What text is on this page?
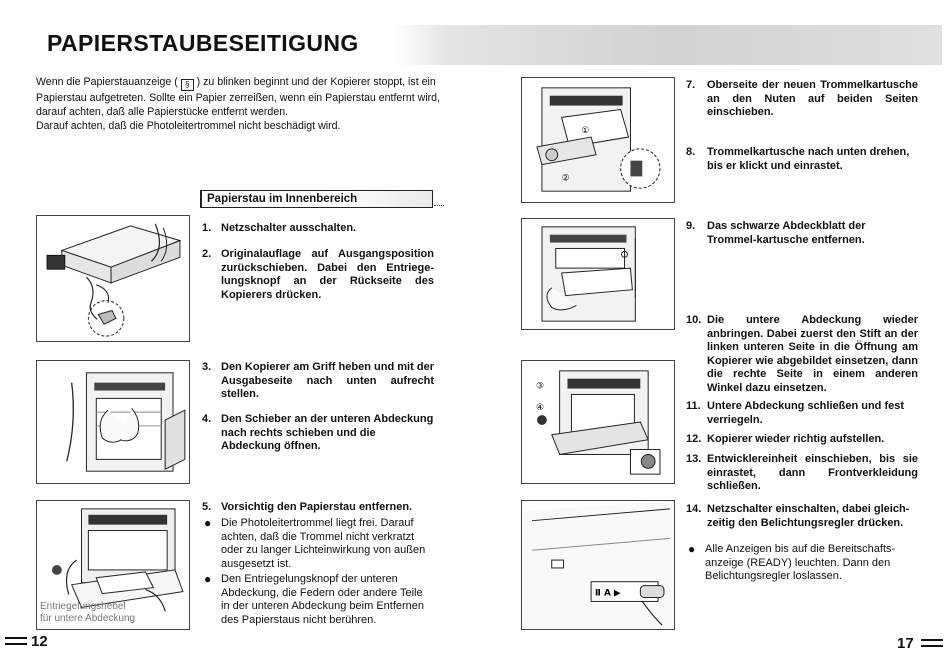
PAPIERSTAUBESEITIGUNG
Wenn die Papierstauanzeige ( § ) zu blinken beginnt und der Kopierer stoppt, ist ein Papierstau aufgetreten. Sollte ein Papier zerreißen, wenn ein Papierstau entfernt wird, darauf achten, daß alle Papierstücke entfernt werden.
Darauf achten, daß die Photoleitertrommel nicht beschädigt wird.
Papierstau im Innenbereich
Entriegelungshebel
für untere Abdeckung
1. Netzschalter ausschalten.
2. Originalauflage auf Ausgangsposition zurückschieben. Dabei den Entriege-lungsknopf an der Rückseite des Kopierers drücken.
3. Den Kopierer am Griff heben und mit der Ausgabeseite nach unten aufrecht stellen.
4. Den Schieber an der unteren Abdeckung nach rechts schieben und die Abdeckung öffnen.
5. Vorsichtig den Papierstau entfernen.
● Die Photoleitertrommel liegt frei. Darauf achten, daß die Trommel nicht verkratzt oder zu langer Lichteinwirkung von außen ausgesetzt ist.
● Den Entriegelungsknopf der unteren Abdeckung, die Federn oder andere Teile in der unteren Abdeckung beim Entfernen des Papierstaus nicht berühren.
①
②
③
④
Ⅱ A ▶
7.	Oberseite der neuen Trommelkartusche an den Nuten auf beiden Seiten einschieben.
8.	Trommelkartusche nach unten drehen, bis er klickt und einrastet.
9.	Das schwarze Abdeckblatt der Trommel-kartusche entfernen.
10. Die untere Abdeckung wieder anbringen. Dabei zuerst den Stift an der linken unteren Seite in die Öffnung am Kopierer wie abgebildet einsetzen, dann die rechte Seite in einem anderen Winkel dazu einsetzen.
11. Untere Abdeckung schließen und fest verriegeln.
12. Kopierer wieder richtig aufstellen.
13. Entwicklereinheit einschieben, bis sie einrastet, dann Frontverkleidung schließen.
14. Netzschalter einschalten, dabei gleich-zeitig den Belichtungsregler drücken.
● Alle Anzeigen bis auf die Bereitschafts-anzeige (READY) leuchten. Dann den Belichtungsregler loslassen.
12	17
